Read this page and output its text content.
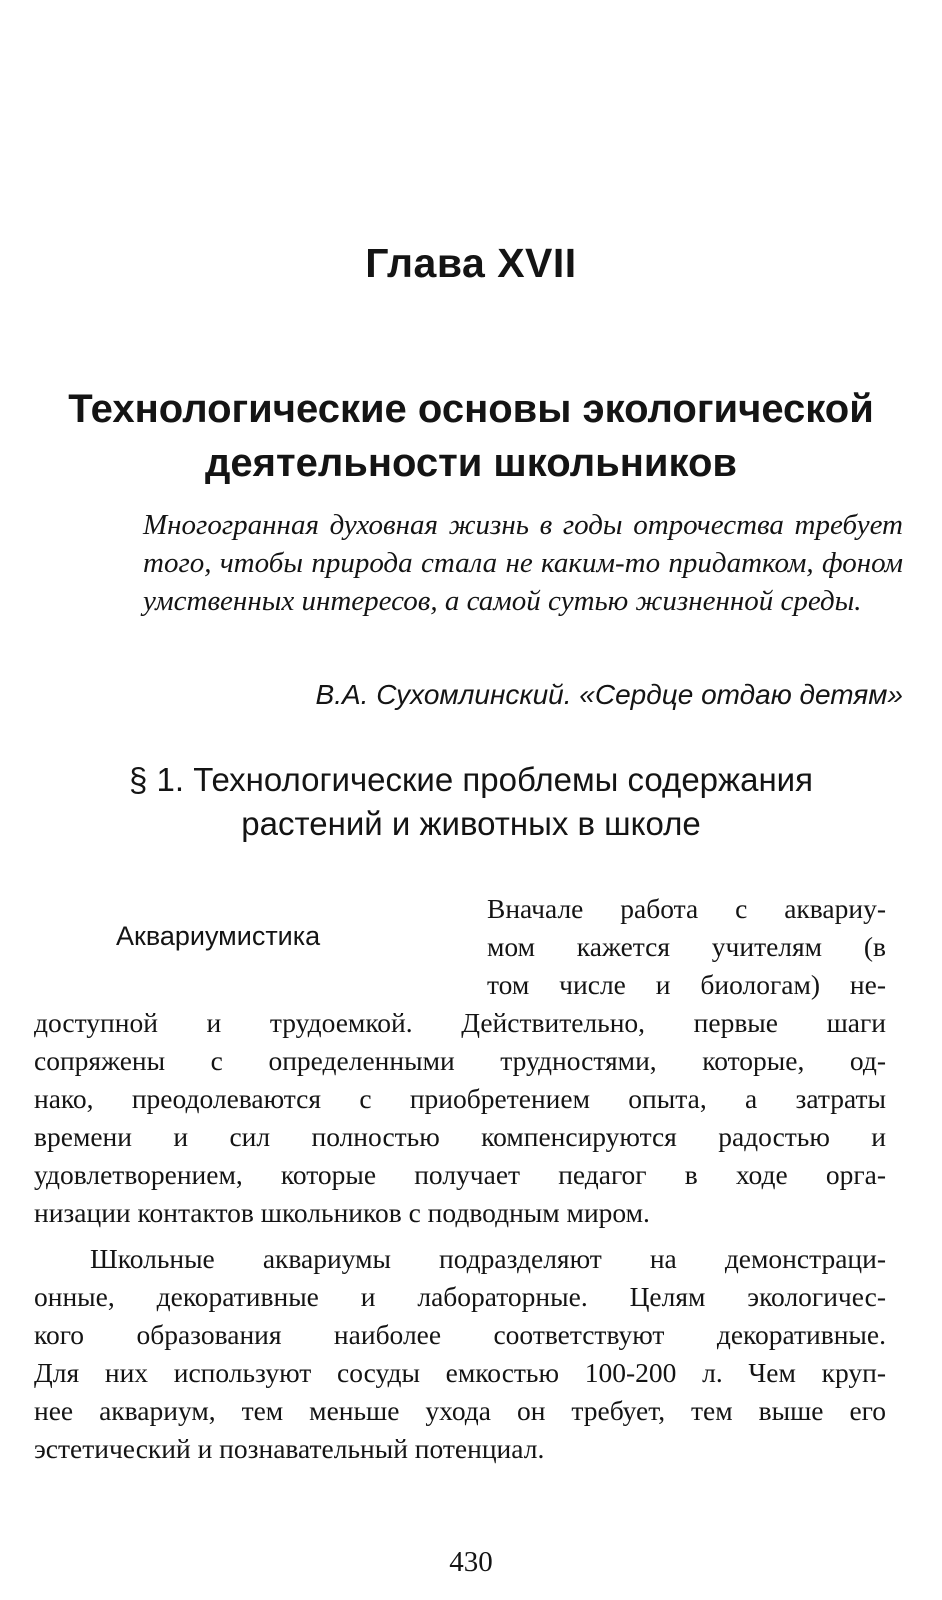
Глава XVII
Технологические основы экологической
деятельности школьников

Многогранная духовная жизнь в годы отрочества требует того, чтобы природа стала не каким-то придатком, фоном умственных интересов, а самой сутью жизненной среды.

В.А. Сухомлинский. «Сердце отдаю детям»

§ 1. Технологические проблемы содержания
растений и животных в школе
Аквариумистика

Вначале работа с аквариу-

мом кажется учителям (в

том числе и биологам) не-

доступной и трудоемкой. Действительно, первые шаги

сопряжены с определенными трудностями, которые, од-

нако, преодолеваются с приобретением опыта, а затраты

времени и сил полностью компенсируются радостью и

удовлетворением, которые получает педагог в ходе орга-

низации контактов школьников с подводным миром.

Школьные аквариумы подразделяют на демонстраци-

онные, декоративные и лабораторные. Целям экологичес-

кого образования наиболее соответствуют декоративные.

Для них используют сосуды емкостью 100-200 л. Чем круп-

нее аквариум, тем меньше ухода он требует, тем выше его

эстетический и познавательный потенциал.

430
